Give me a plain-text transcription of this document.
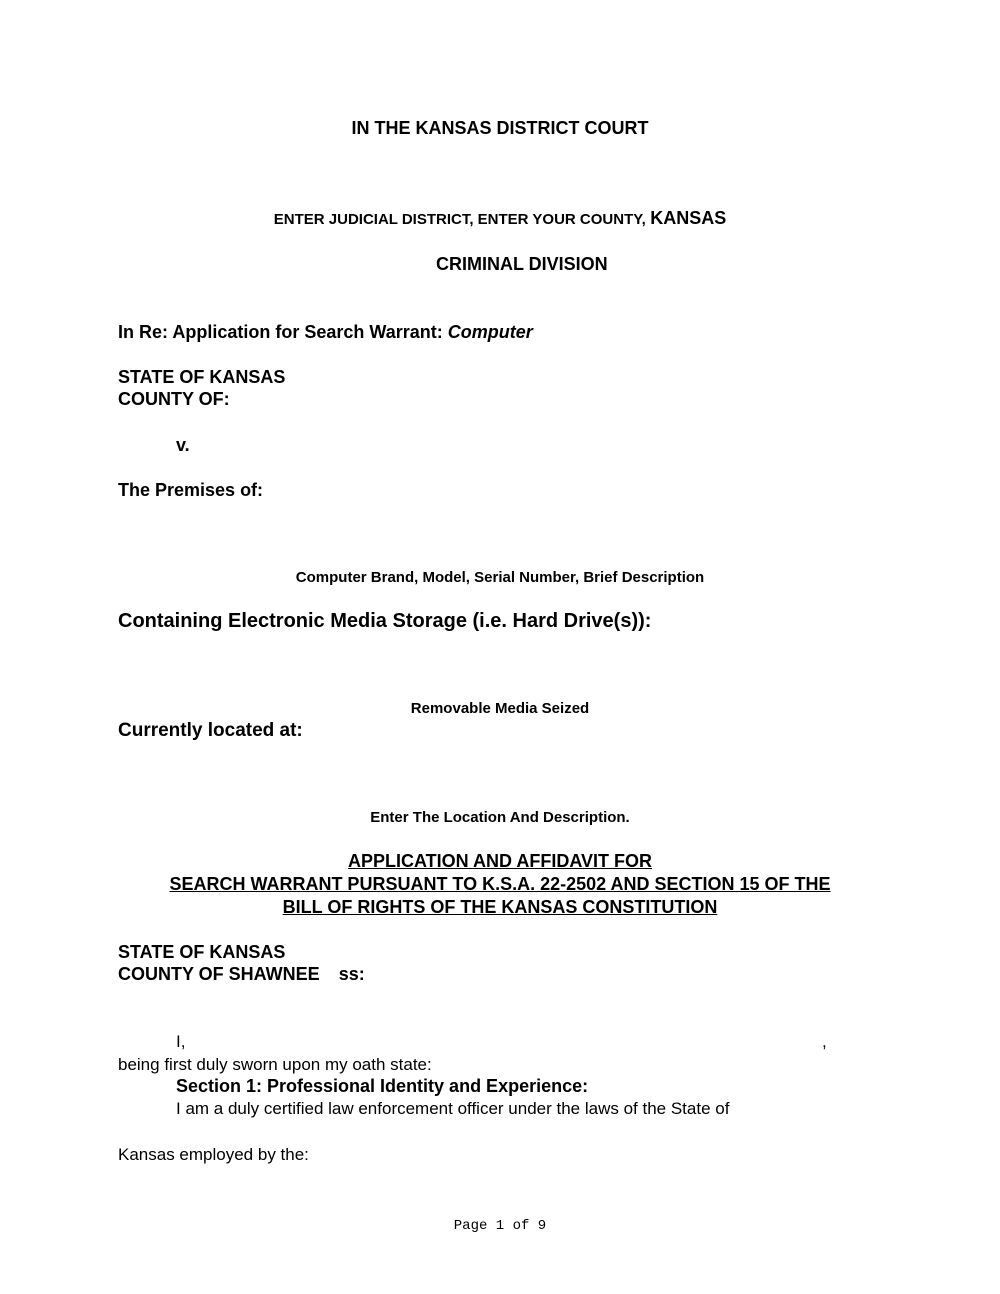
IN THE KANSAS DISTRICT COURT
ENTER JUDICIAL DISTRICT, ENTER YOUR COUNTY, KANSAS
CRIMINAL DIVISION
In Re: Application for Search Warrant: Computer
STATE OF KANSAS
COUNTY OF:
v.
The Premises of:
Computer Brand, Model, Serial Number, Brief Description
Containing Electronic Media Storage (i.e. Hard Drive(s)):
Removable Media Seized
Currently located at:
Enter The Location And Description.
APPLICATION AND AFFIDAVIT FOR
SEARCH WARRANT PURSUANT TO K.S.A. 22-2502 AND SECTION 15 OF THE
BILL OF RIGHTS OF THE KANSAS CONSTITUTION
STATE OF KANSAS
COUNTY OF SHAWNEE ss:
I,	,
being first duly sworn upon my oath state:
Section 1: Professional Identity and Experience:
I am a duly certified law enforcement officer under the laws of the State of
Kansas employed by the:
Page 1 of 9
